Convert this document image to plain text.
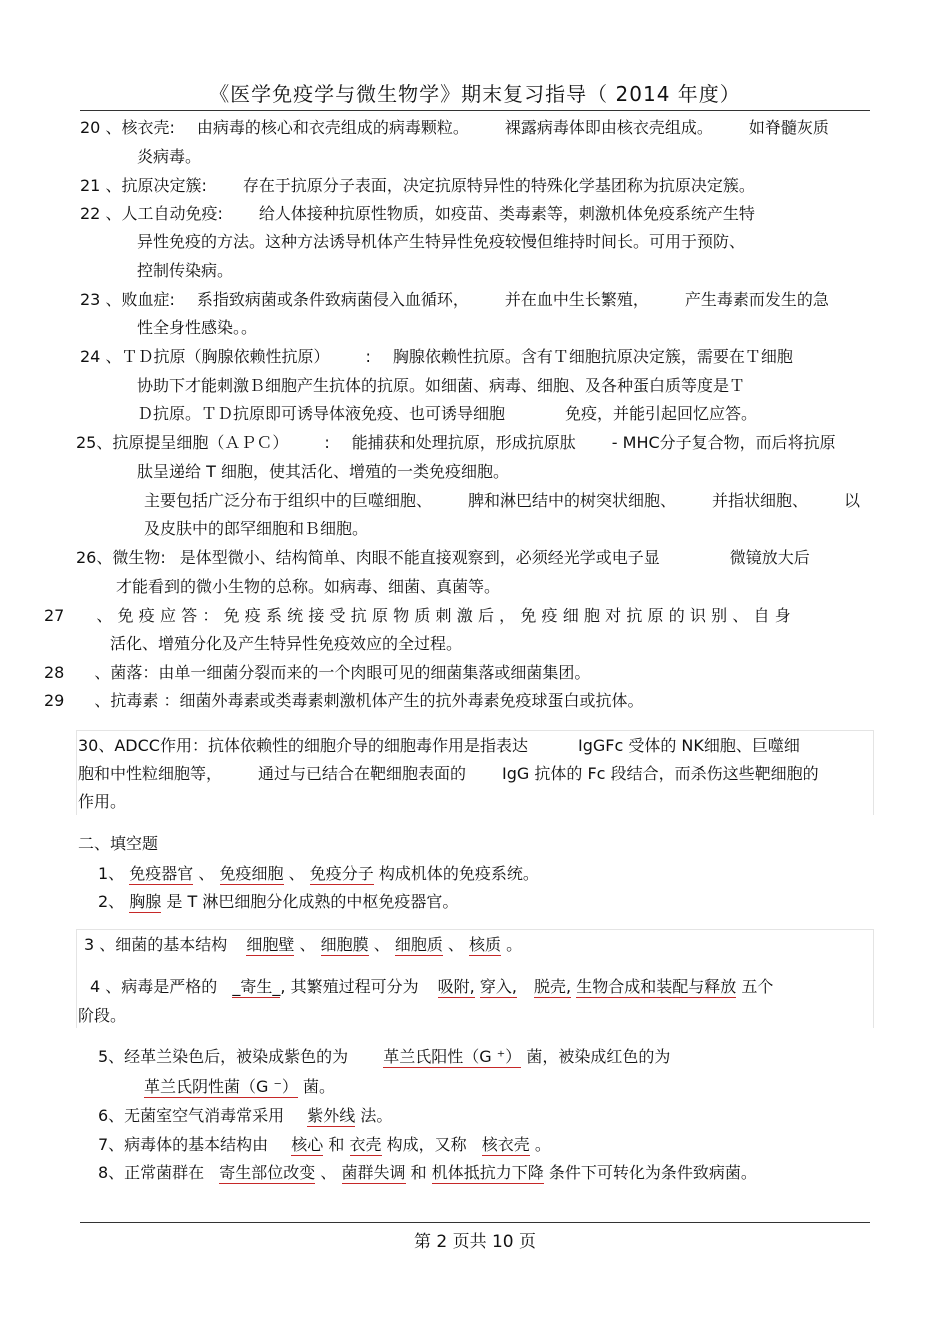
《医学免疫学与微生物学》期末复习指导（ 2014 年度）
20 、核衣壳: 由病毒的核心和衣壳组成的病毒颗粒。 裸露病毒体即由核衣壳组成。 如脊髓灰质
炎病毒。
21 、抗原决定簇: 存在于抗原分子表面，决定抗原特异性的特殊化学基团称为抗原决定簇。
22 、人工自动免疫: 给人体接种抗原性物质，如疫苗、类毒素等，刺激机体免疫系统产生特
异性免疫的方法。这种方法诱导机体产生特异性免疫较慢但维持时间长。可用于预防、
控制传染病。
23 、败血症: 系指致病菌或条件致病菌侵入血循环， 并在血中生长繁殖， 产生毒素而发生的急
性全身性感染。。
24 、ＴＤ抗原（胸腺依赖性抗原） : 胸腺依赖性抗原。含有Ｔ细胞抗原决定簇，需要在Ｔ细胞
协助下才能刺激Ｂ细胞产生抗体的抗原。如细菌、病毒、细胞、及各种蛋白质等度是Ｔ
Ｄ抗原。ＴＤ抗原即可诱导体液免疫、也可诱导细胞	免疫，并能引起回忆应答。
25、抗原提呈细胞（ＡＰＣ） : 能捕获和处理抗原，形成抗原肽 - MHC分子复合物，而后将抗原
肽呈递给 T 细胞，使其活化、增殖的一类免疫细胞。
主要包括广泛分布于组织中的巨噬细胞、 脾和淋巴结中的树突状细胞、 并指状细胞、 以
及皮肤中的郎罕细胞和Ｂ细胞。
26、微生物: 是体型微小、结构简单、肉眼不能直接观察到，必须经光学或电子显	微镜放大后
才能看到的微小生物的总称。如病毒、细菌、真菌等。
27 、免疫应答：免疫系统接受抗原物质刺激后，免疫细胞对抗原的识别、自身
活化、增殖分化及产生特异性免疫效应的全过程。
28 、菌落：由单一细菌分裂而来的一个肉眼可见的细菌集落或细菌集团。
29 、抗毒素 ：细菌外毒素或类毒素刺激机体产生的抗外毒素免疫球蛋白或抗体。
30、ADCC作用：抗体依赖性的细胞介导的细胞毒作用是指表达	IgGFc 受体的 NK细胞、巨噬细
胞和中性粒细胞等， 通过与已结合在靶细胞表面的 IgG 抗体的 Fc 段结合，而杀伤这些靶细胞的
作用。
二、填空题
1、 免疫器官 、 免疫细胞 、 免疫分子 构成机体的免疫系统。
2、 胸腺 是 T 淋巴细胞分化成熟的中枢免疫器官。
3 、细菌的基本结构 细胞壁 、 细胞膜 、 细胞质 、 核质 。
4 、病毒是严格的 _寄生_, 其繁殖过程可分为 吸附, 穿入, 脱壳, 生物合成和装配与释放 五个
阶段。
5、经革兰染色后，被染成紫色的为 革兰氏阳性（G ⁺） 菌，被染成红色的为
革兰氏阴性菌（G ⁻） 菌。
6、无菌室空气消毒常采用 紫外线 法。
7、病毒体的基本结构由 核心 和 衣壳 构成，又称 核衣壳 。
8、正常菌群在 寄生部位改变 、 菌群失调 和 机体抵抗力下降 条件下可转化为条件致病菌。
第 2 页共 10 页
